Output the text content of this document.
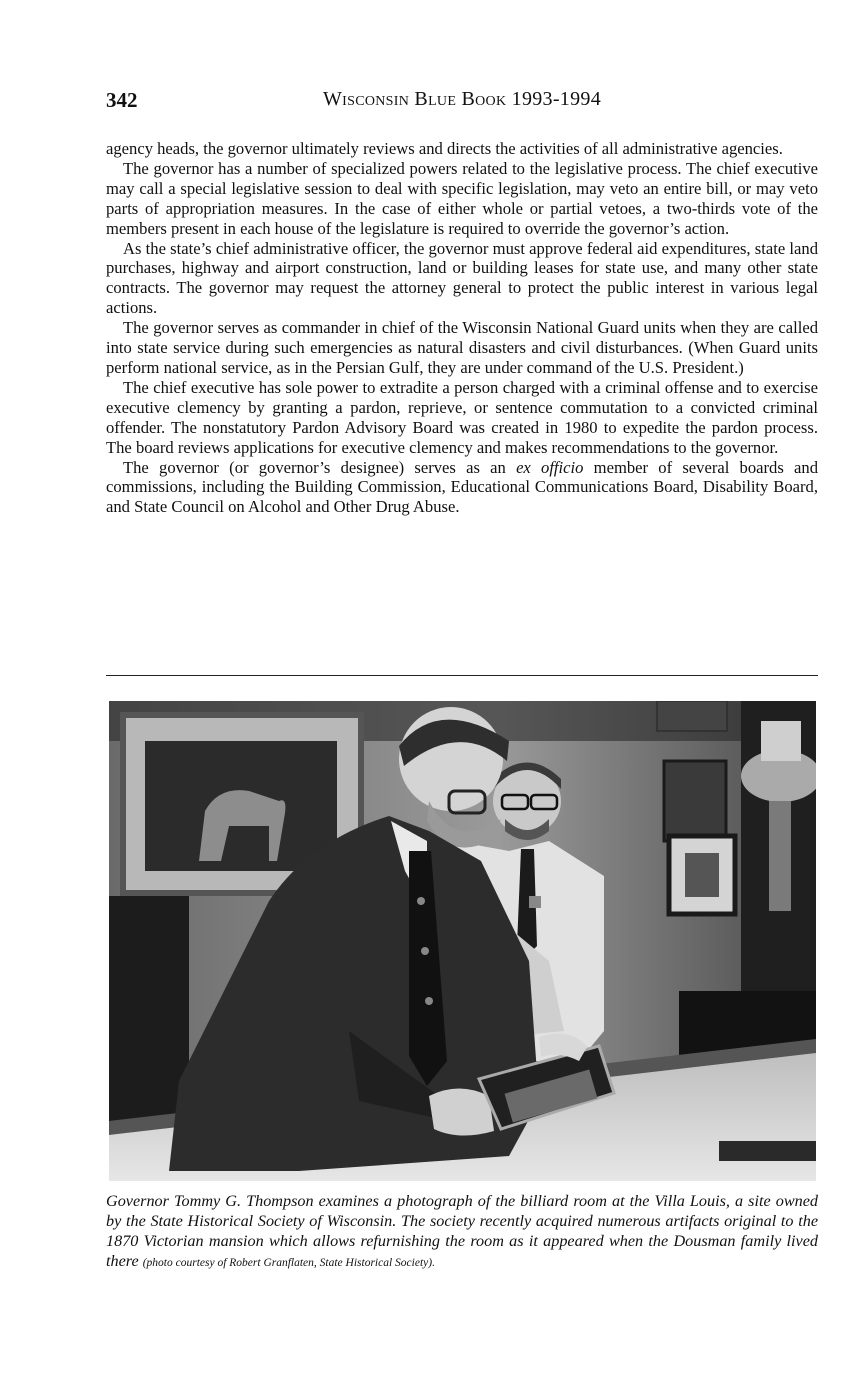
342	Wisconsin Blue Book 1993-1994

agency heads, the governor ultimately reviews and directs the activities of all administrative agencies.

The governor has a number of specialized powers related to the legislative process. The chief executive may call a special legislative session to deal with specific legislation, may veto an entire bill, or may veto parts of appropriation measures. In the case of either whole or partial vetoes, a two-thirds vote of the members present in each house of the legislature is required to override the governor’s action.

As the state’s chief administrative officer, the governor must approve federal aid expenditures, state land purchases, highway and airport construction, land or building leases for state use, and many other state contracts. The governor may request the attorney general to protect the public interest in various legal actions.

The governor serves as commander in chief of the Wisconsin National Guard units when they are called into state service during such emergencies as natural disasters and civil disturbances. (When Guard units perform national service, as in the Persian Gulf, they are under command of the U.S. President.)

The chief executive has sole power to extradite a person charged with a criminal offense and to exercise executive clemency by granting a pardon, reprieve, or sentence commutation to a convicted criminal offender. The nonstatutory Pardon Advisory Board was created in 1980 to expedite the pardon process. The board reviews applications for executive clemency and makes recommendations to the governor.

The governor (or governor’s designee) serves as an ex officio member of several boards and commissions, including the Building Commission, Educational Communications Board, Disability Board, and State Council on Alcohol and Other Drug Abuse.

Governor Tommy G. Thompson examines a photograph of the billiard room at the Villa Louis, a site owned by the State Historical Society of Wisconsin. The society recently acquired numerous artifacts original to the 1870 Victorian mansion which allows refurnishing the room as it appeared when the Dousman family lived there (photo courtesy of Robert Granflaten, State Historical Society).
